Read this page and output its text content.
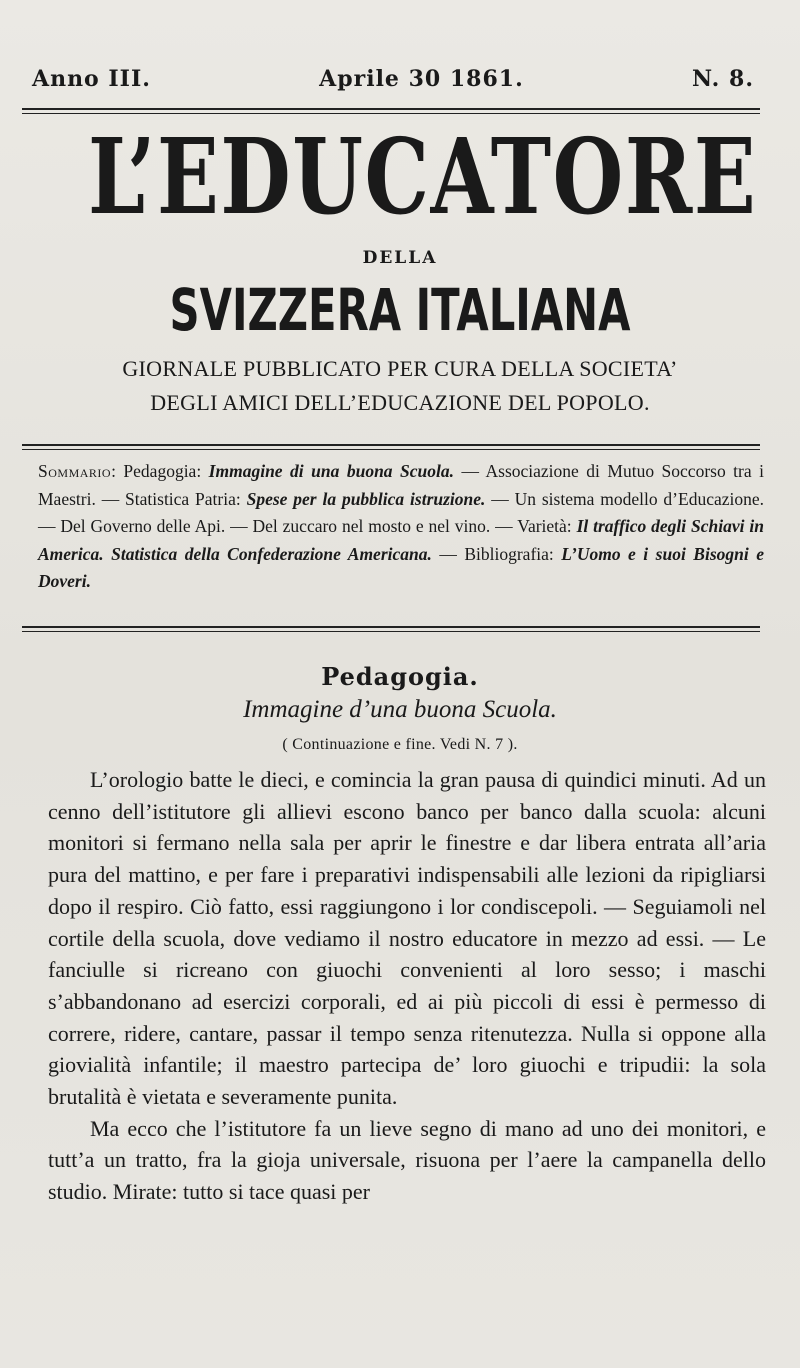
Anno III.	Aprile 30 1861.	N. 8.
L’EDUCATORE
DELLA
SVIZZERA ITALIANA
GIORNALE PUBBLICATO PER CURA DELLA SOCIETA’
DEGLI AMICI DELL’EDUCAZIONE DEL POPOLO.
Sommario: Pedagogia: Immagine di una buona Scuola. — Associazione di Mutuo Soccorso tra i Maestri. — Statistica Patria: Spese per la pubblica istruzione. — Un sistema modello d’Educazione. — Del Governo delle Api. — Del zuccaro nel mosto e nel vino. — Varietà: Il traffico degli Schiavi in America. Statistica della Confederazione Americana. — Bibliografia: L’Uomo e i suoi Bisogni e Doveri.
Pedagogia.
Immagine d’una buona Scuola.
( Continuazione e fine. Vedi N. 7 ).

L’orologio batte le dieci, e comincia la gran pausa di quindici minuti. Ad un cenno dell’istitutore gli allievi escono banco per banco dalla scuola: alcuni monitori si fermano nella sala per aprir le finestre e dar libera entrata all’aria pura del mattino, e per fare i preparativi indispensabili alle lezioni da ripigliarsi dopo il respiro. Ciò fatto, essi raggiungono i lor condiscepoli. — Seguiamoli nel cortile della scuola, dove vediamo il nostro educatore in mezzo ad essi. — Le fanciulle si ricreano con giuochi convenienti al loro sesso; i maschi s’abbandonano ad esercizi corporali, ed ai più piccoli di essi è permesso di correre, ridere, cantare, passar il tempo senza ritenutezza. Nulla si oppone alla giovialità infantile; il maestro partecipa de’ loro giuochi e tripudii: la sola brutalità è vietata e severamente punita.

Ma ecco che l’istitutore fa un lieve segno di mano ad uno dei monitori, e tutt’a un tratto, fra la gioja universale, risuona per l’aere la campanella dello studio. Mirate: tutto si tace quasi per
